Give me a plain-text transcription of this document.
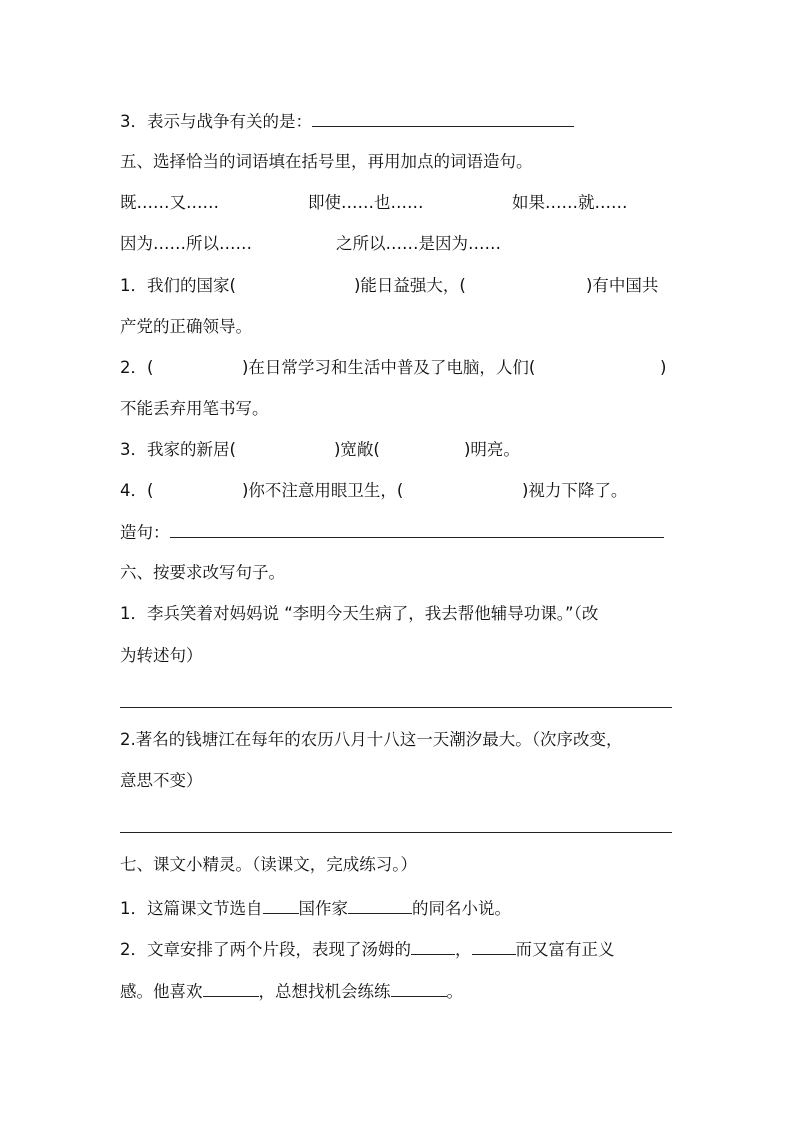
3．表示与战争有关的是：
五、选择恰当的词语填在括号里，再用加点的词语造句。
既……又……	即使……也……	如果……就……
因为……所以……	之所以……是因为……
1．我们的国家(	)能日益强大，(	)有中国共
产党的正确领导。
2．(	)在日常学习和生活中普及了电脑，人们(	)
不能丢弃用笔书写。
3．我家的新居(	)宽敞(	)明亮。
4．(	)你不注意用眼卫生，(	)视力下降了。
造句：
六、按要求改写句子。
1．李兵笑着对妈妈说 “李明今天生病了，我去帮他辅导功课。”（改
为转述句）
2.著名的钱塘江在每年的农历八月十八这一天潮汐最大。（次序改变，
意思不变）
七、课文小精灵。（读课文，完成练习。）
1．这篇课文节选自 国作家	的同名小说。
2．文章安排了两个片段，表现了汤姆的	，	而又富有正义
感。他喜欢	，总想找机会练练	。
